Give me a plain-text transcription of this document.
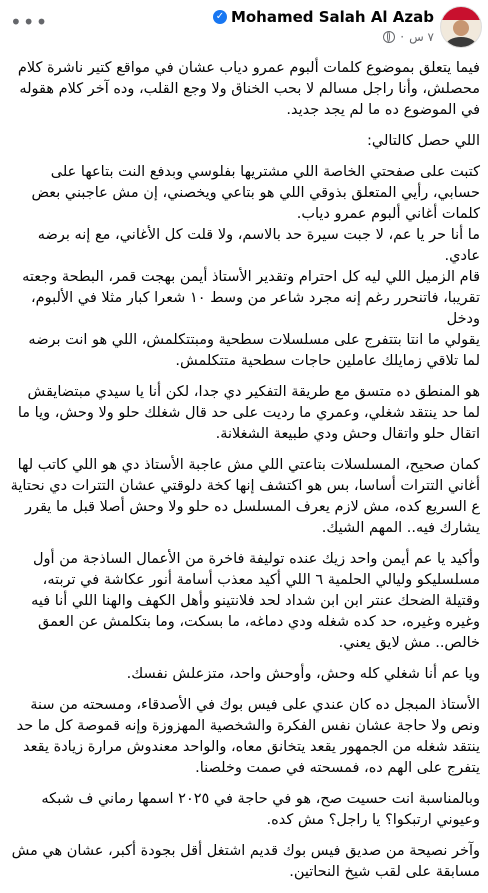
Mohamed Salah Al Azab
✓
٧ س
·
•••

فيما يتعلق بموضوع كلمات ألبوم عمرو دياب عشان في مواقع كتير ناشرة كلام
محصلش، وأنا راجل مسالم لا بحب الخناق ولا وجع القلب، وده آخر كلام هقوله
في الموضوع ده ما لم يجد جديد.

اللي حصل كالتالي:

كتبت على صفحتي الخاصة اللي مشتريها بفلوسي وبدفع النت بتاعها على
حسابي، رأيي المتعلق بذوقي اللي هو بتاعي ويخصني، إن مش عاجبني بعض
كلمات أغاني ألبوم عمرو دياب.
ما أنا حر يا عم، لا جبت سيرة حد بالاسم، ولا قلت كل الأغاني، مع إنه برضه عادي.
قام الزميل اللي ليه كل احترام وتقدير الأستاذ أيمن بهجت قمر، البطحة وجعته
تقريبا، فاتنحرر رغم إنه مجرد شاعر من وسط ١٠ شعرا كبار مثلا في الألبوم، ودخل
يقولي ما انتا بتتفرج على مسلسلات سطحية ومبتتكلمش، اللي هو انت برضه
لما تلاقي زمايلك عاملين حاجات سطحية متتكلمش.

هو المنطق ده متسق مع طريقة التفكير دي جدا، لكن أنا يا سيدي مبتضايقش
لما حد ينتقد شغلي، وعمري ما رديت على حد قال شغلك حلو ولا وحش، ويا ما
اتقال حلو واتقال وحش ودي طبيعة الشغلانة.

كمان صحيح، المسلسلات بتاعتي اللي مش عاجبة الأستاذ دي هو اللي كاتب لها
أغاني التترات أساسا، بس هو اكتشف إنها كخة دلوقتي عشان التترات دي نحتاية
ع السريع كده، مش لازم يعرف المسلسل ده حلو ولا وحش أصلا قبل ما يقرر
يشارك فيه.. المهم الشيك.

وأكيد يا عم أيمن واحد زيك عنده توليفة فاخرة من الأعمال الساذجة من أول
مسلسليكو وليالي الحلمية ٦ اللي أكيد معذب أسامة أنور عكاشة في تربته،
وقتيلة الضحك عنتر ابن ابن شداد لحد فلانتينو وأهل الكهف والهنا اللي أنا فيه
وغيره وغيره، حد كده شغله ودي دماغه، ما بسكت، وما بتكلمش عن العمق
خالص.. مش لايق يعني.

ويا عم أنا شغلي كله وحش، وأوحش واحد، متزعلش نفسك.

الأستاذ المبجل ده كان عندي على فيس بوك في الأصدقاء، ومسحته من سنة
ونص ولا حاجة عشان نفس الفكرة والشخصية المهزوزة وإنه قموصة كل ما حد
ينتقد شغله من الجمهور يقعد يتخانق معاه، والواحد معندوش مرارة زيادة يقعد
يتفرج على الهم ده، فمسحته في صمت وخلصنا.

وبالمناسبة انت حسيت صح، هو في حاجة في ٢٠٢٥ اسمها رماني ف شبكه
وعيوني ارتبكوا؟ يا راجل؟ مش كده.

وآخر نصيحة من صديق فيس بوك قديم اشتغل أقل بجودة أكبر، عشان هي مش
مسابقة على لقب شيخ النحاتين.
